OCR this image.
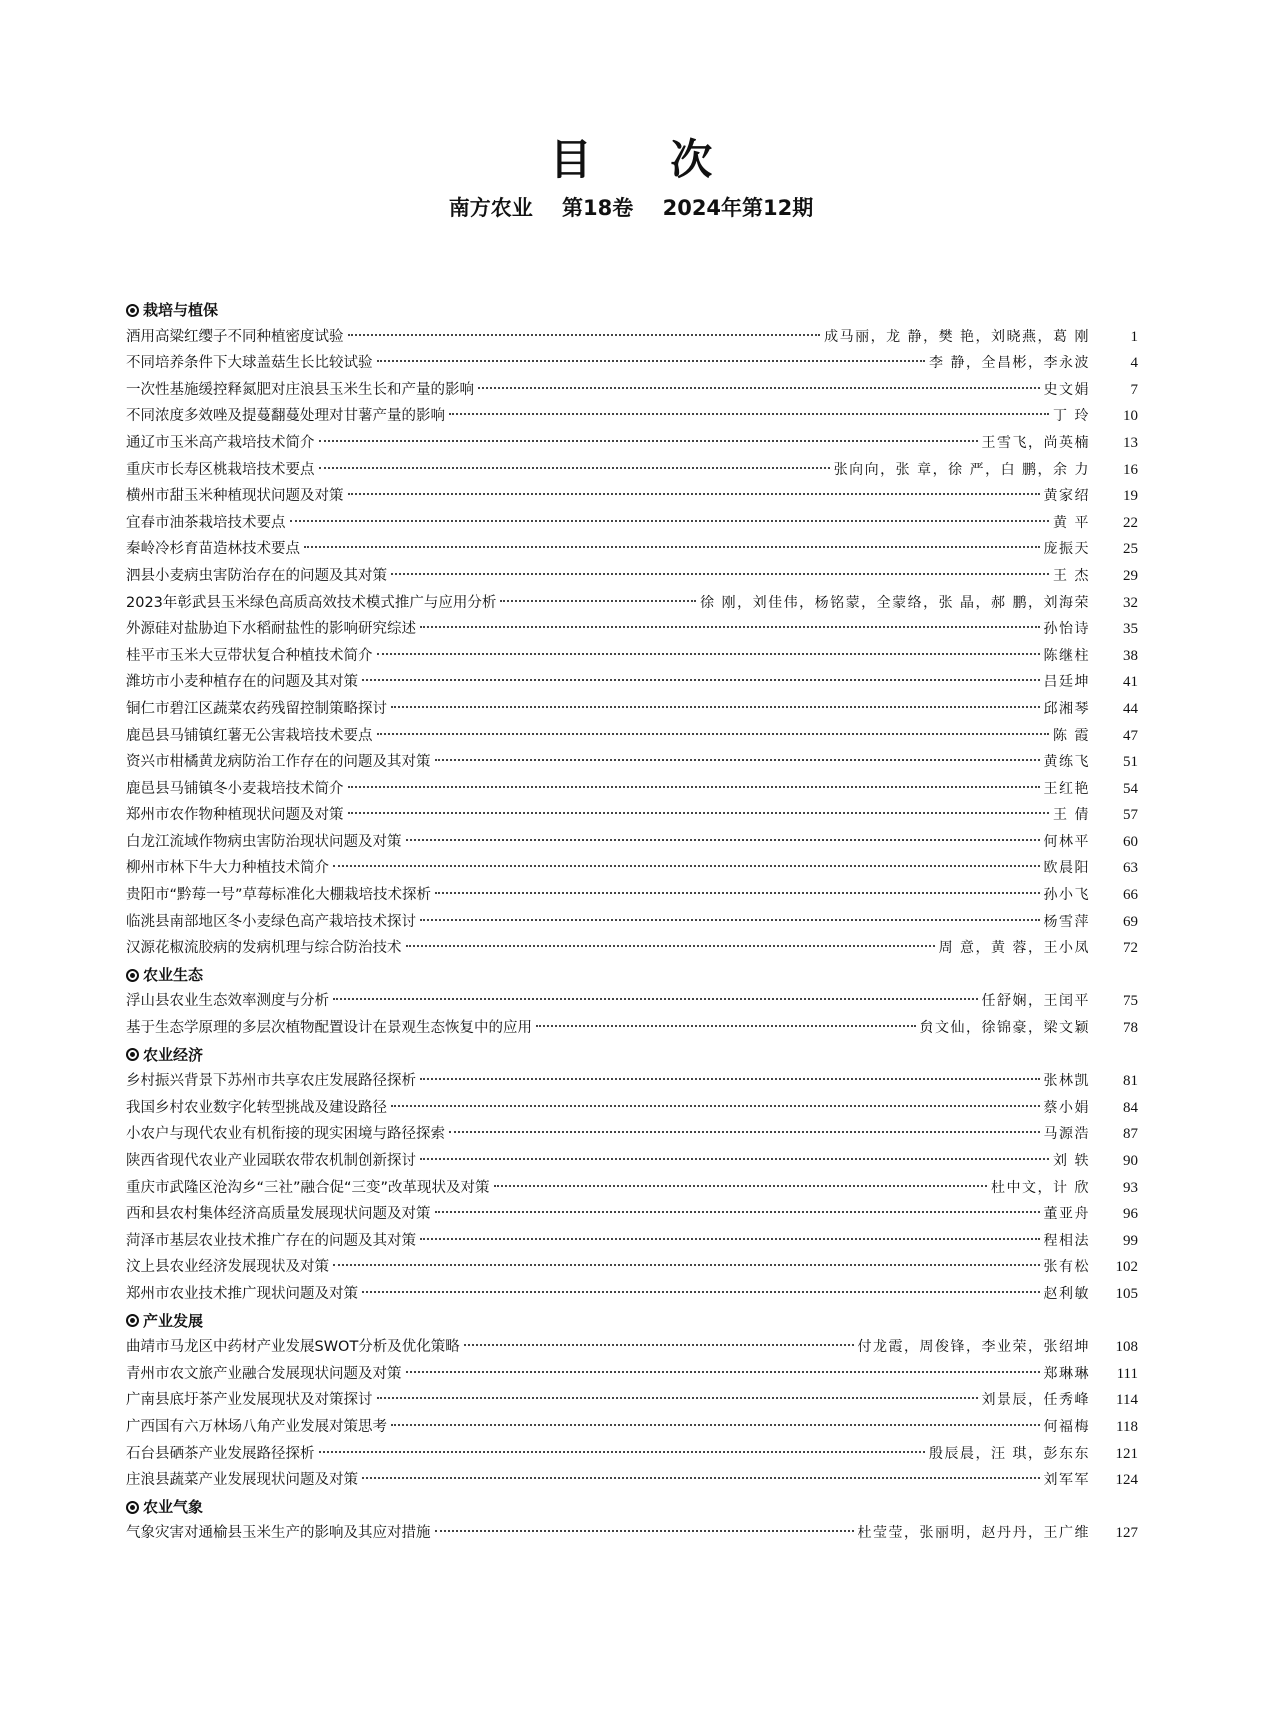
目 次
南方农业 第18卷 2024年第12期
栽培与植保
酒用高粱红缨子不同种植密度试验	成马丽，龙 静，樊 艳，刘晓燕，葛 刚	1
不同培养条件下大球盖菇生长比较试验	李 静，全昌彬，李永波	4
一次性基施缓控释氮肥对庄浪县玉米生长和产量的影响	史文娟	7
不同浓度多效唑及提蔓翻蔓处理对甘薯产量的影响	丁 玲	10
通辽市玉米高产栽培技术简介	王雪飞，尚英楠	13
重庆市长寿区桃栽培技术要点	张向向，张 章，徐 严，白 鹏，余 力	16
横州市甜玉米种植现状问题及对策	黄家绍	19
宜春市油茶栽培技术要点	黄 平	22
秦岭冷杉育苗造林技术要点	庞振天	25
泗县小麦病虫害防治存在的问题及其对策	王 杰	29
2023年彰武县玉米绿色高质高效技术模式推广与应用分析	徐 刚，刘佳伟，杨铭蒙，全蒙络，张 晶，郝 鹏，刘海荣	32
外源硅对盐胁迫下水稻耐盐性的影响研究综述	孙怡诗	35
桂平市玉米大豆带状复合种植技术简介	陈继柱	38
潍坊市小麦种植存在的问题及其对策	吕廷坤	41
铜仁市碧江区蔬菜农药残留控制策略探讨	邱湘琴	44
鹿邑县马铺镇红薯无公害栽培技术要点	陈 霞	47
资兴市柑橘黄龙病防治工作存在的问题及其对策	黄练飞	51
鹿邑县马铺镇冬小麦栽培技术简介	王红艳	54
郑州市农作物种植现状问题及对策	王 倩	57
白龙江流域作物病虫害防治现状问题及对策	何林平	60
柳州市林下牛大力种植技术简介	欧晨阳	63
贵阳市“黔莓一号”草莓标准化大棚栽培技术探析	孙小飞	66
临洮县南部地区冬小麦绿色高产栽培技术探讨	杨雪萍	69
汉源花椒流胶病的发病机理与综合防治技术	周 意，黄 蓉，王小凤	72
农业生态
浮山县农业生态效率测度与分析	任舒娴，王闰平	75
基于生态学原理的多层次植物配置设计在景观生态恢复中的应用	贠文仙，徐锦豪，梁文颖	78
农业经济
乡村振兴背景下苏州市共享农庄发展路径探析	张林凯	81
我国乡村农业数字化转型挑战及建设路径	蔡小娟	84
小农户与现代农业有机衔接的现实困境与路径探索	马源浩	87
陕西省现代农业产业园联农带农机制创新探讨	刘 轶	90
重庆市武隆区沧沟乡“三社”融合促“三变”改革现状及对策	杜中文，计 欣	93
西和县农村集体经济高质量发展现状问题及对策	董亚舟	96
菏泽市基层农业技术推广存在的问题及其对策	程相法	99
汶上县农业经济发展现状及对策	张有松	102
郑州市农业技术推广现状问题及对策	赵利敏	105
产业发展
曲靖市马龙区中药材产业发展SWOT分析及优化策略	付龙霞，周俊锋，李业荣，张绍坤	108
青州市农文旅产业融合发展现状问题及对策	郑琳琳	111
广南县底圩茶产业发展现状及对策探讨	刘景辰，任秀峰	114
广西国有六万林场八角产业发展对策思考	何福梅	118
石台县硒茶产业发展路径探析	殷辰晨，汪 琪，彭东东	121
庄浪县蔬菜产业发展现状问题及对策	刘军军	124
农业气象
气象灾害对通榆县玉米生产的影响及其应对措施	杜莹莹，张丽明，赵丹丹，王广维	127
